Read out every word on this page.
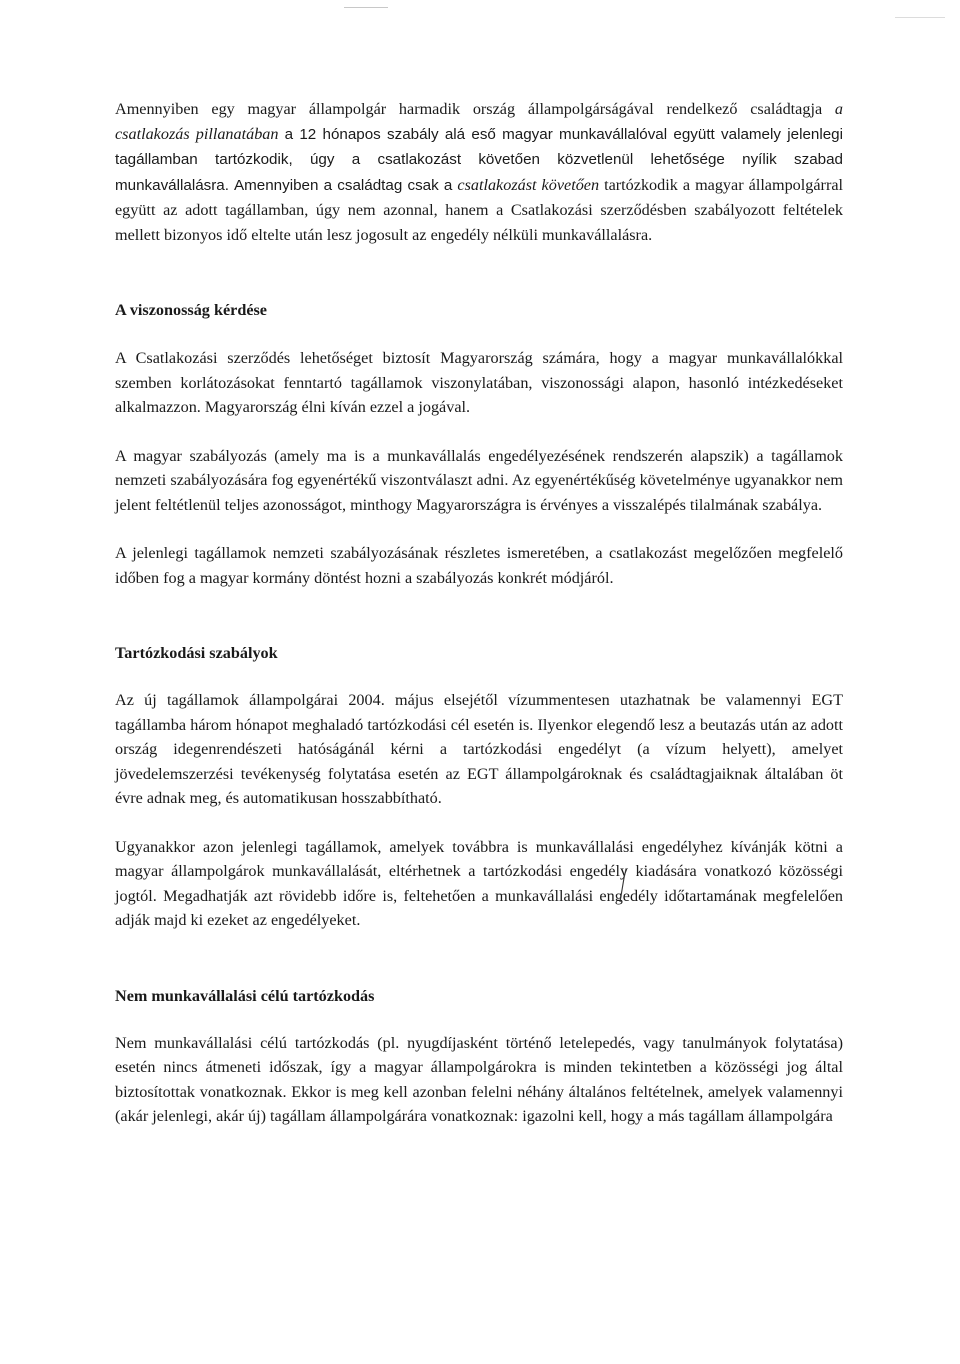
Amennyiben egy magyar állampolgár harmadik ország állampolgárságával rendelkező családtagja a csatlakozás pillanatában a 12 hónapos szabály alá eső magyar munkavállalóval együtt valamely jelenlegi tagállamban tartózkodik, úgy a csatlakozást követően közvetlenül lehetősége nyílik szabad munkavállalásra. Amennyiben a családtag csak a csatlakozást követően tartózkodik a magyar állampolgárral együtt az adott tagállamban, úgy nem azonnal, hanem a Csatlakozási szerződésben szabályozott feltételek mellett bizonyos idő eltelte után lesz jogosult az engedély nélküli munkavállalásra.

A viszonosság kérdése

A Csatlakozási szerződés lehetőséget biztosít Magyarország számára, hogy a magyar munkavállalókkal szemben korlátozásokat fenntartó tagállamok viszonylatában, viszonossági alapon, hasonló intézkedéseket alkalmazzon. Magyarország élni kíván ezzel a jogával.

A magyar szabályozás (amely ma is a munkavállalás engedélyezésének rendszerén alapszik) a tagállamok nemzeti szabályozására fog egyenértékű viszontválaszt adni. Az egyenértékűség követelménye ugyanakkor nem jelent feltétlenül teljes azonosságot, minthogy Magyarországra is érvényes a visszalépés tilalmának szabálya.

A jelenlegi tagállamok nemzeti szabályozásának részletes ismeretében, a csatlakozást megelőzően megfelelő időben fog a magyar kormány döntést hozni a szabályozás konkrét módjáról.

Tartózkodási szabályok

Az új tagállamok állampolgárai 2004. május elsejétől vízummentesen utazhatnak be valamennyi EGT tagállamba három hónapot meghaladó tartózkodási cél esetén is. Ilyenkor elegendő lesz a beutazás után az adott ország idegenrendészeti hatóságánál kérni a tartózkodási engedélyt (a vízum helyett), amelyet jövedelemszerzési tevékenység folytatása esetén az EGT állampolgároknak és családtagjaiknak általában öt évre adnak meg, és automatikusan hosszabbítható.

Ugyanakkor azon jelenlegi tagállamok, amelyek továbbra is munkavállalási engedélyhez kívánják kötni a magyar állampolgárok munkavállalását, eltérhetnek a tartózkodási engedély kiadására vonatkozó közösségi jogtól. Megadhatják azt rövidebb időre is, feltehetően a munkavállalási engedély időtartamának megfelelően adják majd ki ezeket az engedélyeket.

Nem munkavállalási célú tartózkodás

Nem munkavállalási célú tartózkodás (pl. nyugdíjasként történő letelepedés, vagy tanulmányok folytatása) esetén nincs átmeneti időszak, így a magyar állampolgárokra is minden tekintetben a közösségi jog által biztosítottak vonatkoznak. Ekkor is meg kell azonban felelni néhány általános feltételnek, amelyek valamennyi (akár jelenlegi, akár új) tagállam állampolgárára vonatkoznak: igazolni kell, hogy a más tagállam állampolgára
